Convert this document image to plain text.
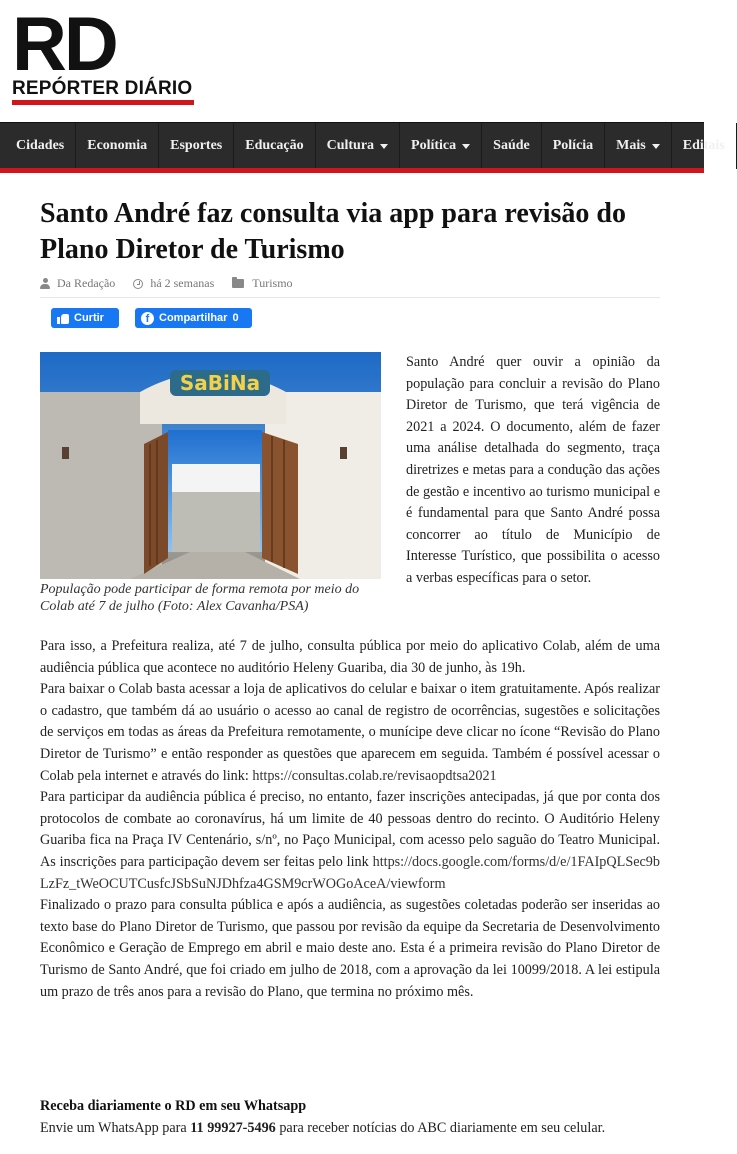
RD
REPÓRTER DIÁRIO
Cidades Economia Esportes Educação Cultura	Política	Saúde Polícia Mais	Editais
Santo André faz consulta via app para revisão do Plano Diretor de Turismo
Da Redação	há 2 semanas	Turismo
Curtir	f Compartilhar 0
SaBiNa
População pode participar de forma remota por meio do Colab até 7 de julho (Foto: Alex Cavanha/PSA)
Santo André quer ouvir a opinião da população para concluir a revisão do Plano Diretor de Turismo, que terá vigência de 2021 a 2024. O documento, além de fazer uma análise detalhada do segmento, traça diretrizes e metas para a condução das ações de gestão e incentivo ao turismo municipal e é fundamental para que Santo André possa concorrer ao título de Município de Interesse Turístico, que possibilita o acesso a verbas específicas para o setor.

Para isso, a Prefeitura realiza, até 7 de julho, consulta pública por meio do aplicativo Colab, além de uma audiência pública que acontece no auditório Heleny Guariba, dia 30 de junho, às 19h.

Para baixar o Colab basta acessar a loja de aplicativos do celular e baixar o item gratuitamente. Após realizar o cadastro, que também dá ao usuário o acesso ao canal de registro de ocorrências, sugestões e solicitações de serviços em todas as áreas da Prefeitura remotamente, o munícipe deve clicar no ícone “Revisão do Plano Diretor de Turismo” e então responder as questões que aparecem em seguida. Também é possível acessar o Colab pela internet e através do link: https://consultas.colab.re/revisaopdtsa2021

Para participar da audiência pública é preciso, no entanto, fazer inscrições antecipadas, já que por conta dos protocolos de combate ao coronavírus, há um limite de 40 pessoas dentro do recinto. O Auditório Heleny Guariba fica na Praça IV Centenário, s/nº, no Paço Municipal, com acesso pelo saguão do Teatro Municipal. As inscrições para participação devem ser feitas pelo link https://docs.google.com/forms/d/e/1FAIpQLSec9bLzFz_tWeOCUTCusfcJSbSuNJDhfza4GSM9crWOGoAceA/viewform

Finalizado o prazo para consulta pública e após a audiência, as sugestões coletadas poderão ser inseridas ao texto base do Plano Diretor de Turismo, que passou por revisão da equipe da Secretaria de Desenvolvimento Econômico e Geração de Emprego em abril e maio deste ano. Esta é a primeira revisão do Plano Diretor de Turismo de Santo André, que foi criado em julho de 2018, com a aprovação da lei 10099/2018. A lei estipula um prazo de três anos para a revisão do Plano, que termina no próximo mês.

Receba diariamente o RD em seu Whatsapp
Envie um WhatsApp para 11 99927-5496 para receber notícias do ABC diariamente em seu celular.
